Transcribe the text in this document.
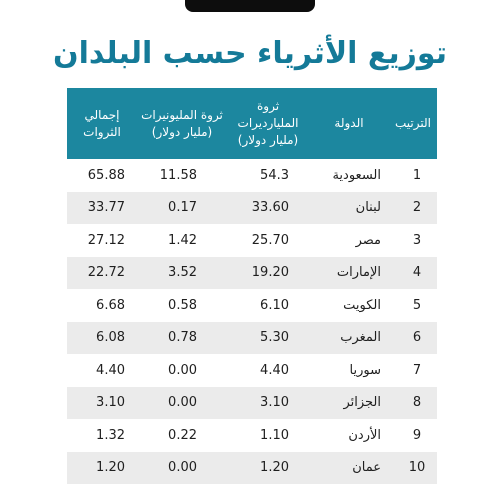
توزيع الأثرياء حسب البلدان
الترتيب
الدولة
ثروة
المليارديرات
(مليار دولار)
ثروة المليونيرات
(مليار دولار)
إجمالي
الثروات
1
السعودية
54.3
11.58
65.88
2
لبنان
33.60
0.17
33.77
3
مصر
25.70
1.42
27.12
4
الإمارات
19.20
3.52
22.72
5
الكويت
6.10
0.58
6.68
6
المغرب
5.30
0.78
6.08
7
سوريا
4.40
0.00
4.40
8
الجزائر
3.10
0.00
3.10
9
الأردن
1.10
0.22
1.32
10
عمان
1.20
0.00
1.20
